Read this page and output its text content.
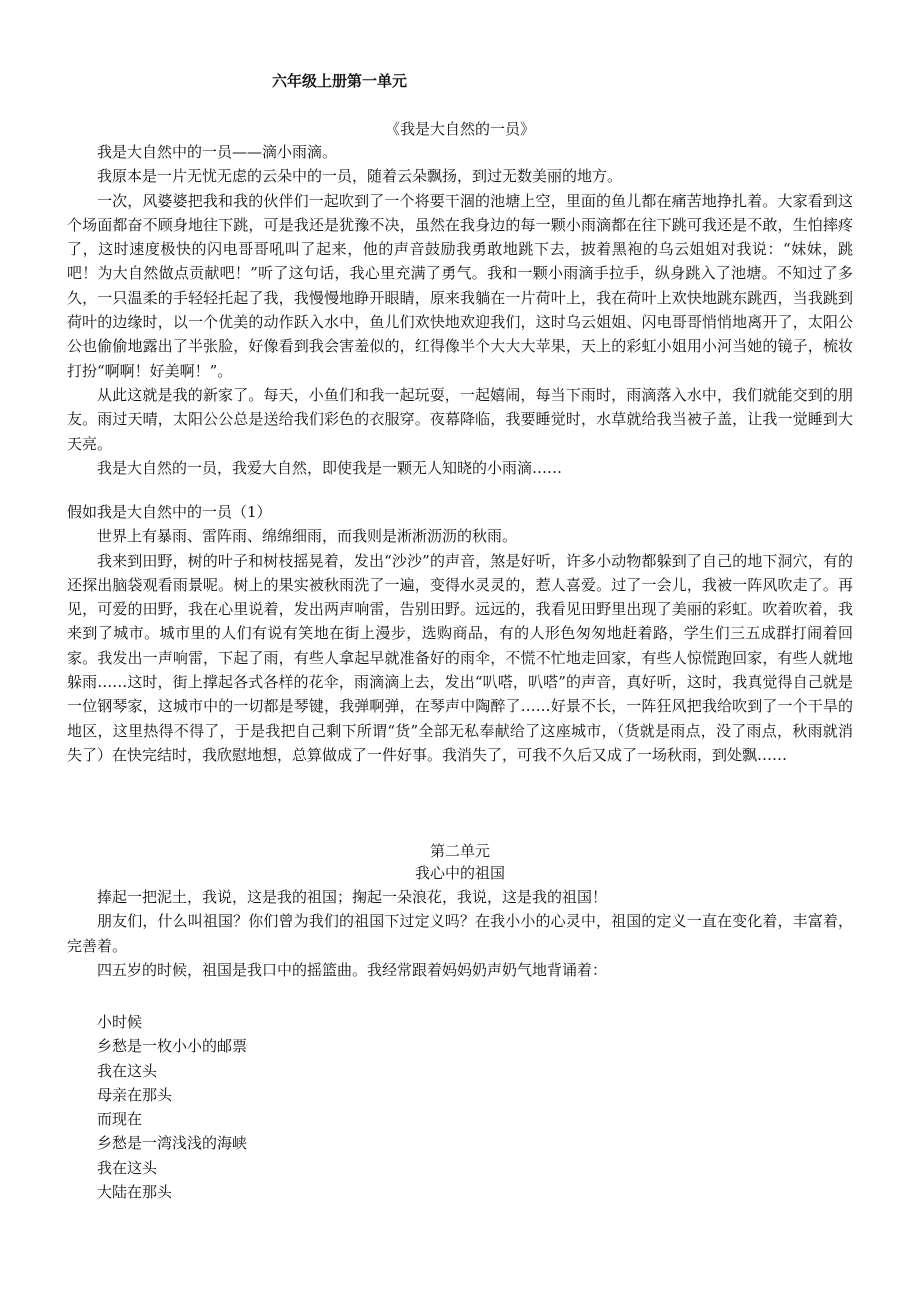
六年级上册第一单元
《我是大自然的一员》

我是大自然中的一员——滴小雨滴。

我原本是一片无忧无虑的云朵中的一员，随着云朵飘扬，到过无数美丽的地方。

一次，风婆婆把我和我的伙伴们一起吹到了一个将要干涸的池塘上空，里面的鱼儿都在痛苦地挣扎着。大家看到这个场面都奋不顾身地往下跳，可是我还是犹豫不决，虽然在我身边的每一颗小雨滴都在往下跳可我还是不敢，生怕摔疼了，这时速度极快的闪电哥哥吼叫了起来，他的声音鼓励我勇敢地跳下去，披着黑袍的乌云姐姐对我说：“妹妹，跳吧！为大自然做点贡献吧！”听了这句话，我心里充满了勇气。我和一颗小雨滴手拉手，纵身跳入了池塘。不知过了多久，一只温柔的手轻轻托起了我，我慢慢地睁开眼睛，原来我躺在一片荷叶上，我在荷叶上欢快地跳东跳西，当我跳到荷叶的边缘时，以一个优美的动作跃入水中，鱼儿们欢快地欢迎我们，这时乌云姐姐、闪电哥哥悄悄地离开了，太阳公公也偷偷地露出了半张脸，好像看到我会害羞似的，红得像半个大大大苹果，天上的彩虹小姐用小河当她的镜子，梳妆打扮“啊啊！好美啊！”。

从此这就是我的新家了。每天，小鱼们和我一起玩耍，一起嬉闹，每当下雨时，雨滴落入水中，我们就能交到的朋友。雨过天晴，太阳公公总是送给我们彩色的衣服穿。夜幕降临，我要睡觉时，水草就给我当被子盖，让我一觉睡到大天亮。

我是大自然的一员，我爱大自然，即使我是一颗无人知晓的小雨滴……

假如我是大自然中的一员（1）

世界上有暴雨、雷阵雨、绵绵细雨，而我则是淅淅沥沥的秋雨。

我来到田野，树的叶子和树枝摇晃着，发出“沙沙”的声音，煞是好听，许多小动物都躲到了自己的地下洞穴，有的还探出脑袋观看雨景呢。树上的果实被秋雨洗了一遍，变得水灵灵的，惹人喜爱。过了一会儿，我被一阵风吹走了。再见，可爱的田野，我在心里说着，发出两声响雷，告别田野。远远的，我看见田野里出现了美丽的彩虹。吹着吹着，我来到了城市。城市里的人们有说有笑地在街上漫步，选购商品，有的人形色匆匆地赶着路，学生们三五成群打闹着回家。我发出一声响雷，下起了雨，有些人拿起早就准备好的雨伞，不慌不忙地走回家，有些人惊慌跑回家，有些人就地躲雨……这时，街上撑起各式各样的花伞，雨滴滴上去，发出“叭嗒，叭嗒”的声音，真好听，这时，我真觉得自己就是一位钢琴家，这城市中的一切都是琴键，我弹啊弹，在琴声中陶醉了……好景不长，一阵狂风把我给吹到了一个干旱的地区，这里热得不得了，于是我把自己剩下所谓“货”全部无私奉献给了这座城市，（货就是雨点，没了雨点，秋雨就消失了）在快完结时，我欣慰地想，总算做成了一件好事。我消失了，可我不久后又成了一场秋雨，到处飘……

第二单元
我心中的祖国

捧起一把泥土，我说，这是我的祖国；掬起一朵浪花，我说，这是我的祖国！

朋友们，什么叫祖国？你们曾为我们的祖国下过定义吗？在我小小的心灵中，祖国的定义一直在变化着，丰富着，完善着。

四五岁的时候，祖国是我口中的摇篮曲。我经常跟着妈妈奶声奶气地背诵着：

小时候
乡愁是一枚小小的邮票
我在这头
母亲在那头
而现在
乡愁是一湾浅浅的海峡
我在这头
大陆在那头
